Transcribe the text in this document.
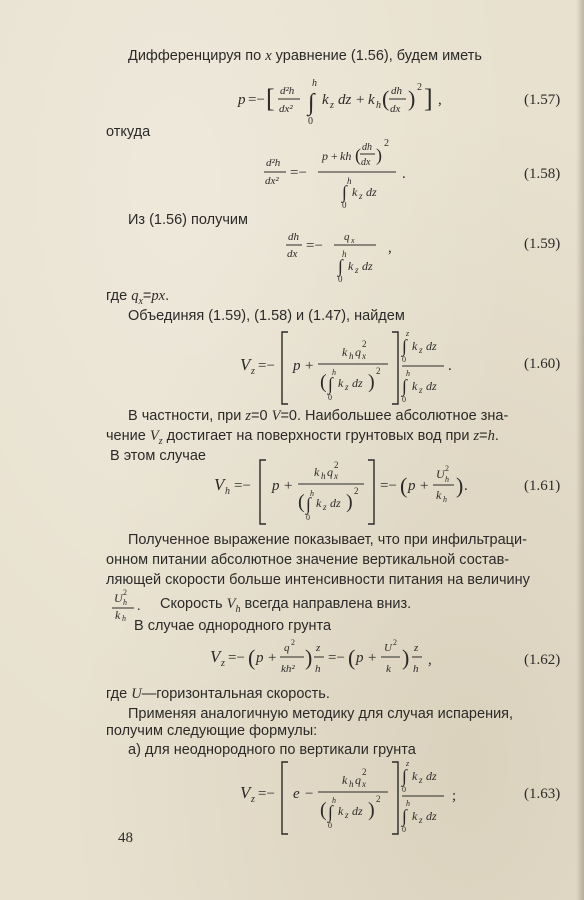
Дифференцируя по x уравнение (1.56), будем иметь
p =− [ d²h
dx²
h
∫
0
k z dz + k h ( dh
dx ) 2 ] ,	(1.57)
откуда
d²h
dx² =−
p + kh ( dh
dx )
2
h
∫
0
k z dz
.	(1.58)
Из (1.56) получим
dh
dx =−
q x
h
∫
0
k z dz
,	(1.59)
где $q_x=px$.
Объединяя (1.59), (1.58) и (1.47), найдем
V z =− p +
k h q x
2
( h
∫
0
k z dz ) 2
z
∫
0
k z dz
h
∫
0
k z dz
.	(1.60)
В частности, при z=0 V=0. Наибольшее абсолютное зна-
чение $V_z$ достигает на поверхности грунтовых вод при z=h.
В этом случае
V h =− p +
k h q x
2
( h
∫
0
k z dz ) 2 =− ( p +
U 2
h
k h
) .	(1.61)
Полученное выражение показывает, что при инфильтраци-
онном питании абсолютное значение вертикальной состав-
ляющей скорости больше интенсивности питания на величину
U 2
h
k h
. Скорость $V_h$ всегда направлена вниз.
В случае однородного грунта
V z =− ( p +
q 2
kh² ) z
h
=− ( p +
U 2
k ) z
h
,	(1.62)
где U—горизонтальная скорость.
Применяя аналогичную методику для случая испарения,
получим следующие формулы:
а) для неоднородного по вертикали грунта
V z =− e −
k h q x
2
( h
∫
0
k z dz ) 2
z
∫
0
k z dz
h
∫
0
k z dz
;	(1.63)
48
